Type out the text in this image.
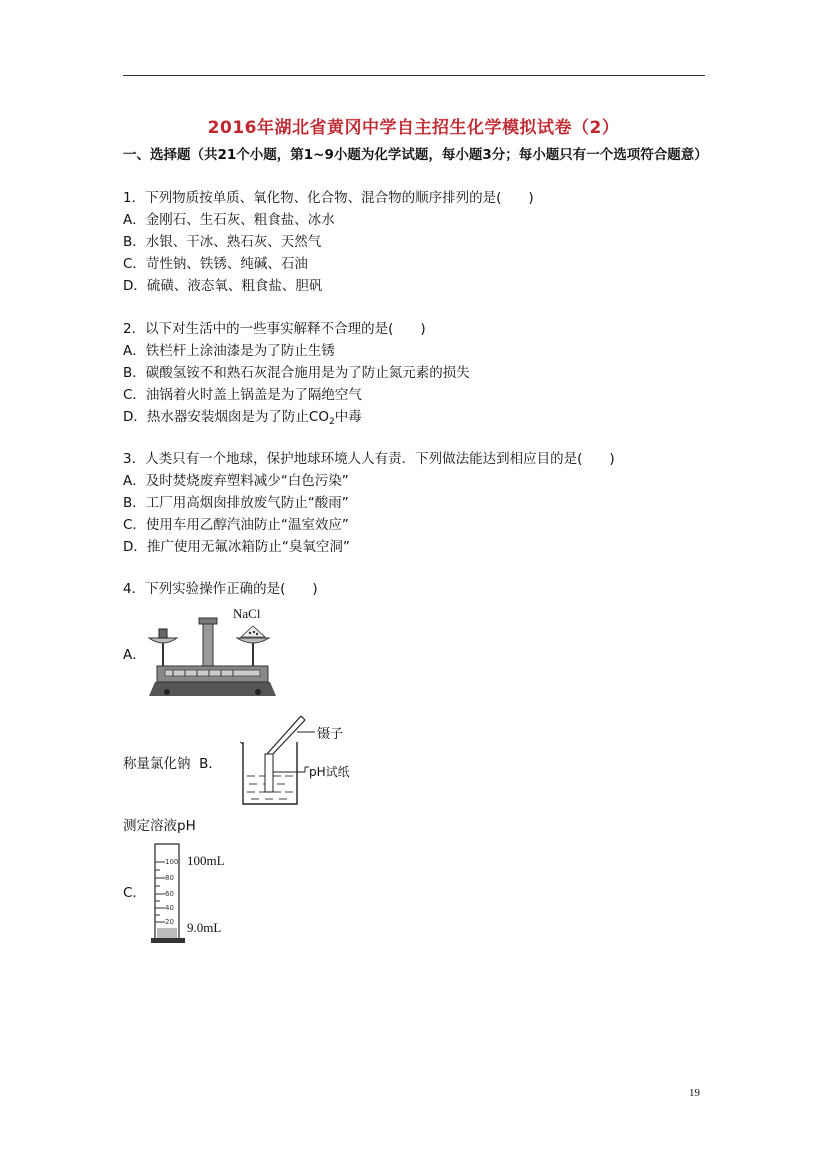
2016年湖北省黄冈中学自主招生化学模拟试卷（2）
一、选择题（共21个小题，第1~9小题为化学试题，每小题3分；每小题只有一个选项符合题意）
1．下列物质按单质、氧化物、化合物、混合物的顺序排列的是(　　)
A．金刚石、生石灰、粗食盐、冰水
B．水银、干冰、熟石灰、天然气
C．苛性钠、铁锈、纯碱、石油
D．硫磺、液态氧、粗食盐、胆矾
2．以下对生活中的一些事实解释不合理的是(　　)
A．铁栏杆上涂油漆是为了防止生锈
B．碳酸氢铵不和熟石灰混合施用是为了防止氮元素的损失
C．油锅着火时盖上锅盖是为了隔绝空气
D．热水器安装烟囱是为了防止$CO_2$中毒
3．人类只有一个地球，保护地球环境人人有责．下列做法能达到相应目的是(　　)
A．及时焚烧废弃塑料减少“白色污染”
B．工厂用高烟囱排放废气防止“酸雨”
C．使用车用乙醇汽油防止“温室效应”
D．推广使用无氟冰箱防止“臭氧空洞”
4．下列实验操作正确的是(　　)
A．
NaCl
称量氯化钠 B．
镊子
pH试纸
测定溶液pH
C．
100
80
60
40
20
100mL
9.0mL
19
